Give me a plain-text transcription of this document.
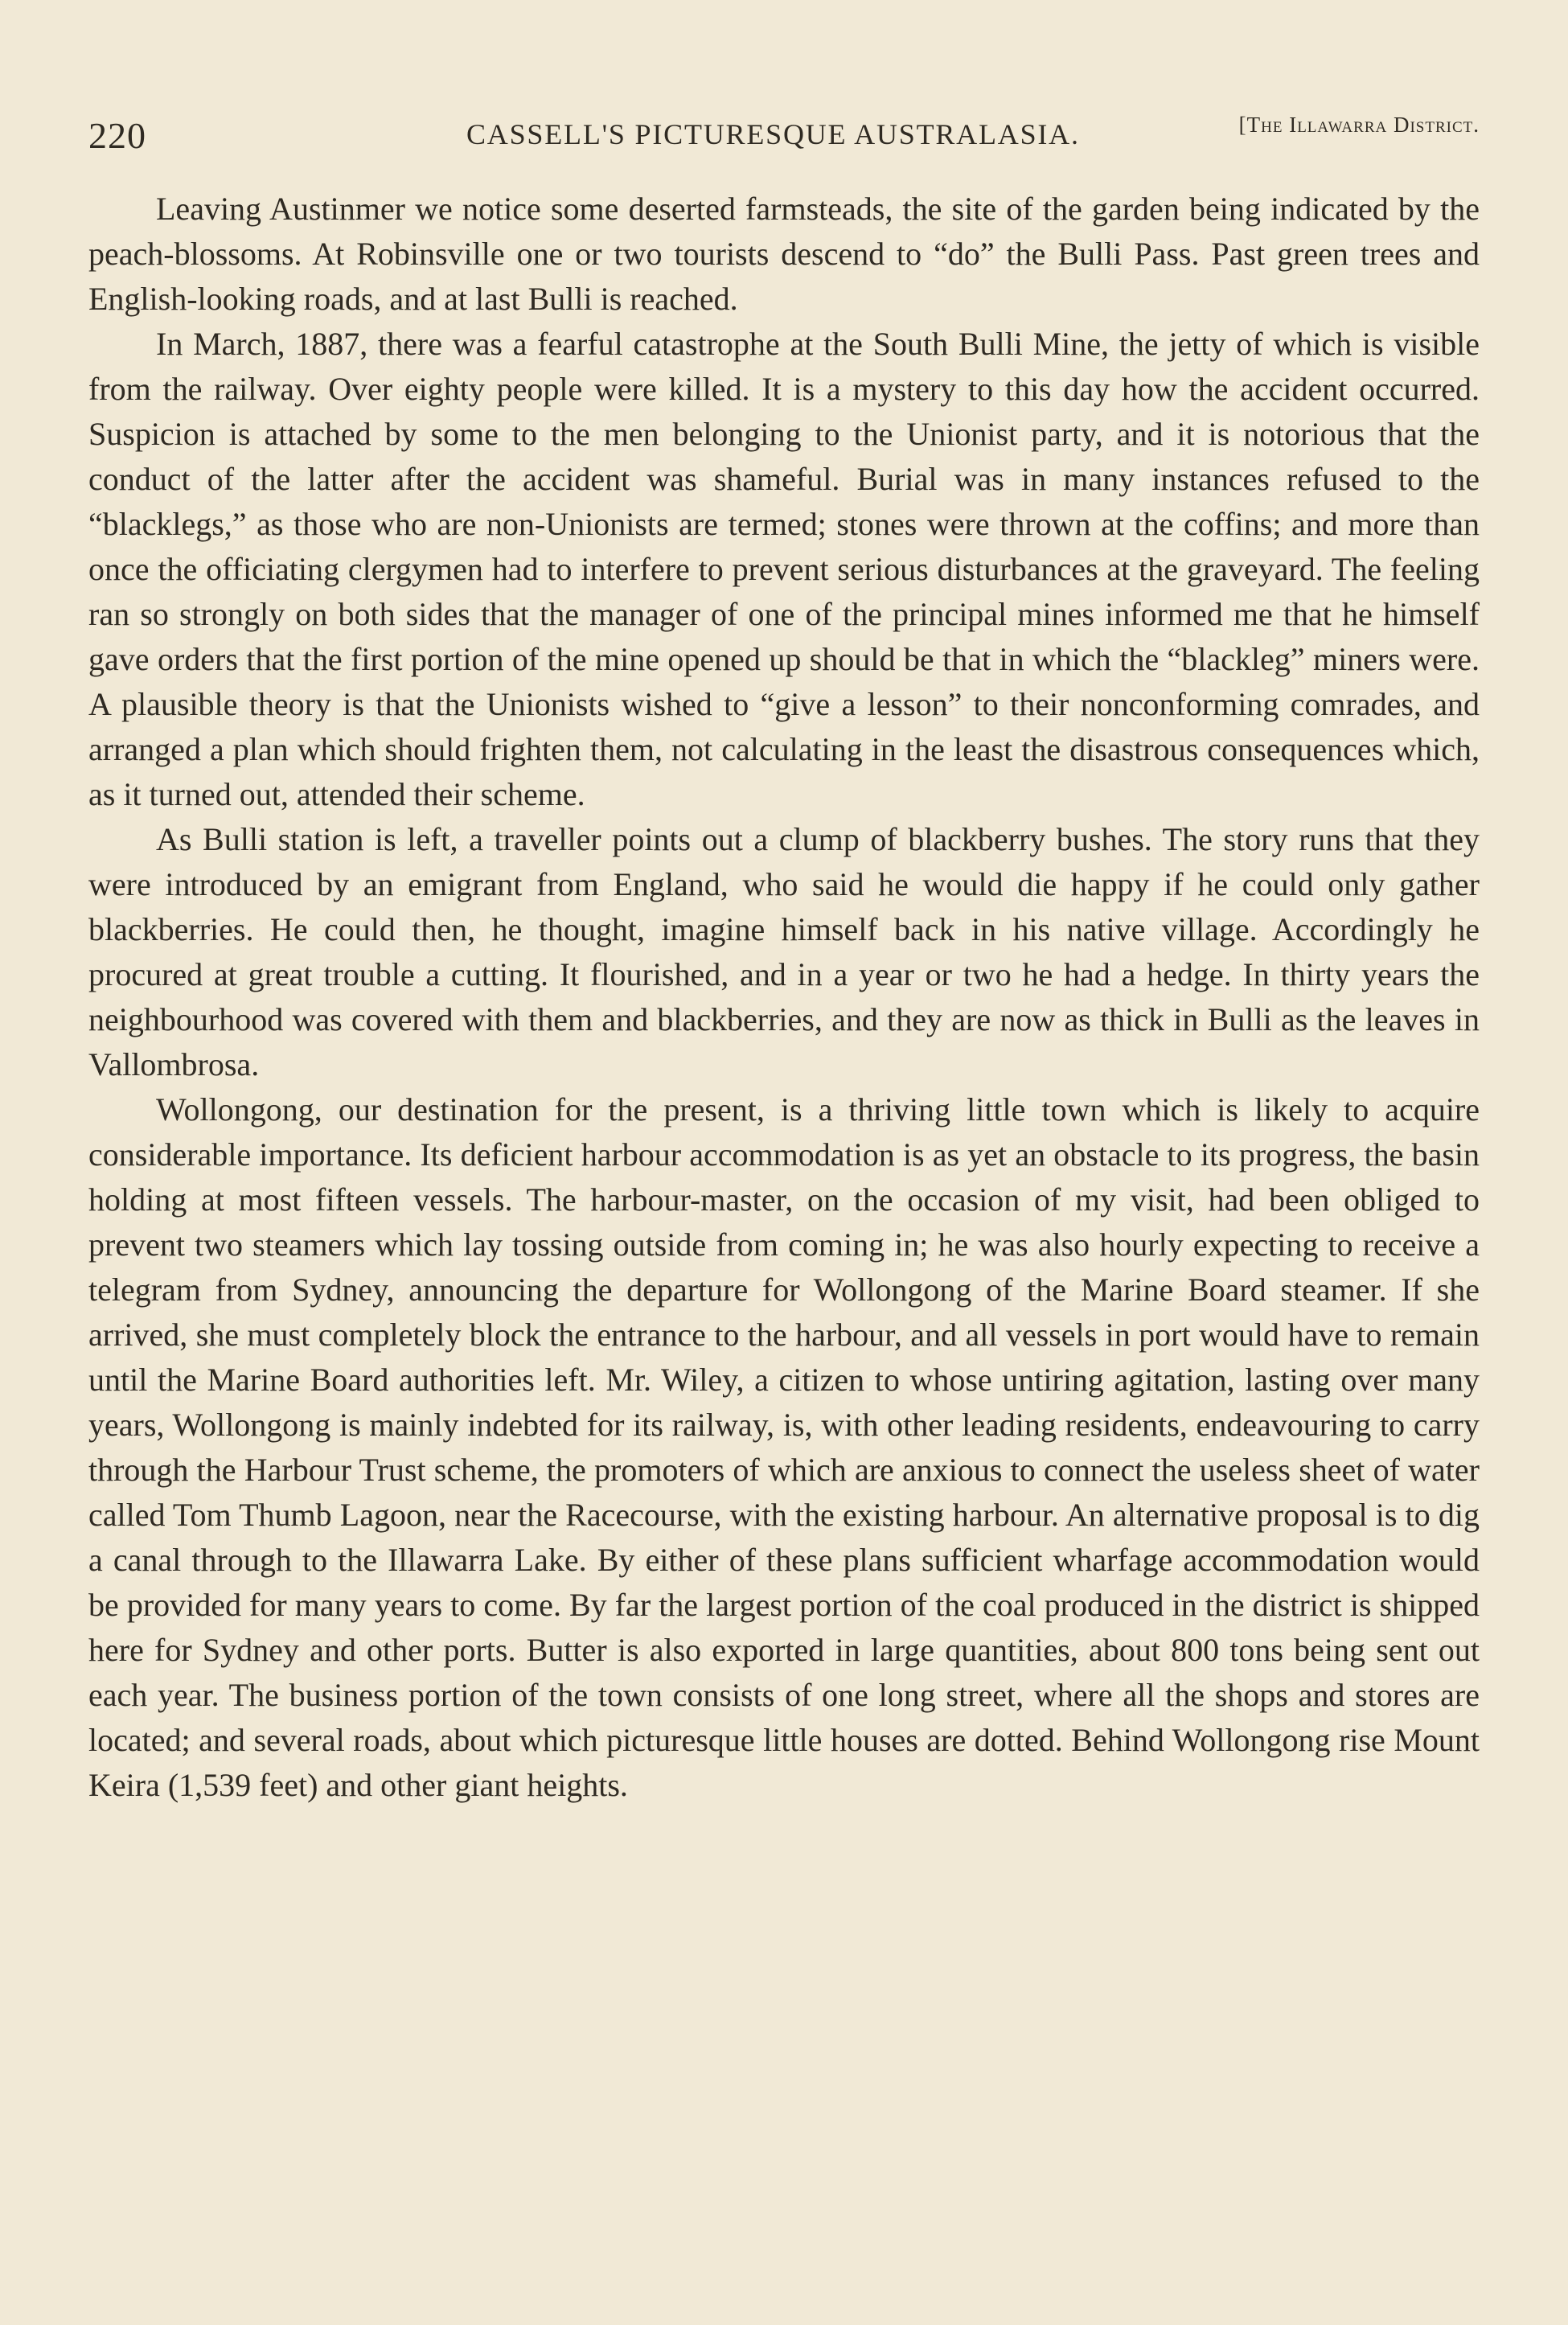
220	CASSELL'S PICTURESQUE AUSTRALASIA.	[The Illawarra District.

Leaving Austinmer we notice some deserted farmsteads, the site of the garden being indicated by the peach-blossoms. At Robinsville one or two tourists descend to “do” the Bulli Pass. Past green trees and English-looking roads, and at last Bulli is reached.

In March, 1887, there was a fearful catastrophe at the South Bulli Mine, the jetty of which is visible from the railway. Over eighty people were killed. It is a mystery to this day how the accident occurred. Suspicion is attached by some to the men belonging to the Unionist party, and it is notorious that the conduct of the latter after the accident was shameful. Burial was in many instances refused to the “blacklegs,” as those who are non-Unionists are termed; stones were thrown at the coffins; and more than once the officiating clergymen had to interfere to prevent serious disturbances at the graveyard. The feeling ran so strongly on both sides that the manager of one of the principal mines informed me that he himself gave orders that the first portion of the mine opened up should be that in which the “blackleg” miners were. A plausible theory is that the Unionists wished to “give a lesson” to their nonconforming comrades, and arranged a plan which should frighten them, not calculating in the least the disastrous consequences which, as it turned out, attended their scheme.

As Bulli station is left, a traveller points out a clump of blackberry bushes. The story runs that they were introduced by an emigrant from England, who said he would die happy if he could only gather blackberries. He could then, he thought, imagine himself back in his native village. Accordingly he procured at great trouble a cutting. It flourished, and in a year or two he had a hedge. In thirty years the neighbourhood was covered with them and blackberries, and they are now as thick in Bulli as the leaves in Vallombrosa.

Wollongong, our destination for the present, is a thriving little town which is likely to acquire considerable importance. Its deficient harbour accommodation is as yet an obstacle to its progress, the basin holding at most fifteen vessels. The harbour-master, on the occasion of my visit, had been obliged to prevent two steamers which lay tossing outside from coming in; he was also hourly expecting to receive a telegram from Sydney, announcing the departure for Wollongong of the Marine Board steamer. If she arrived, she must completely block the entrance to the harbour, and all vessels in port would have to remain until the Marine Board authorities left. Mr. Wiley, a citizen to whose untiring agitation, lasting over many years, Wollongong is mainly indebted for its railway, is, with other leading residents, endeavouring to carry through the Harbour Trust scheme, the promoters of which are anxious to connect the useless sheet of water called Tom Thumb Lagoon, near the Racecourse, with the existing harbour. An alternative proposal is to dig a canal through to the Illawarra Lake. By either of these plans sufficient wharfage accommodation would be provided for many years to come. By far the largest portion of the coal produced in the district is shipped here for Sydney and other ports. Butter is also exported in large quantities, about 800 tons being sent out each year. The business portion of the town consists of one long street, where all the shops and stores are located; and several roads, about which picturesque little houses are dotted. Behind Wollongong rise Mount Keira (1,539 feet) and other giant heights.
